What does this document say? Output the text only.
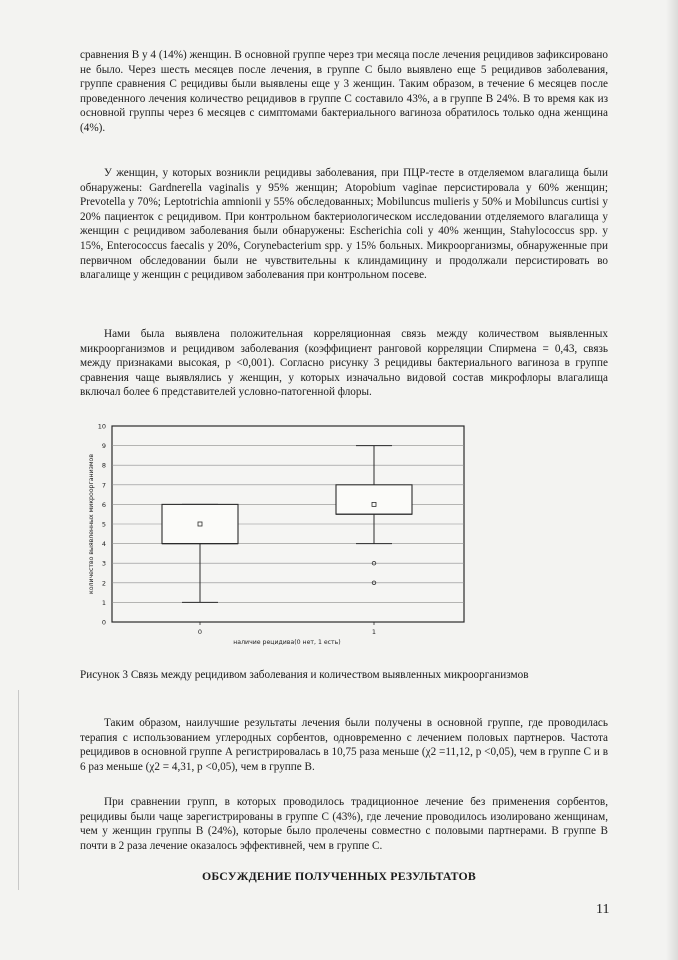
сравнения В у 4 (14%) женщин. В основной группе через три месяца после лечения рецидивов зафиксировано не было. Через шесть месяцев после лечения, в группе С было выявлено еще 5 рецидивов заболевания, группе сравнения С рецидивы были выявлены еще у 3 женщин. Таким образом, в течение 6 месяцев после проведенного лечения количество рецидивов в группе С составило 43%, а в группе В 24%. В то время как из основной группы через 6 месяцев с симптомами бактериального вагиноза обратилось только одна женщина (4%).

У женщин, у которых возникли рецидивы заболевания, при ПЦР-тесте в отделяемом влагалища были обнаружены: Gardnerella vaginalis у 95% женщин; Atopobium vaginae персистировала у 60% женщин; Prevotella у 70%; Leptotrichia amnionii у 55% обследованных; Mobiluncus mulieris у 50% и Mobiluncus curtisi у 20% пациенток с рецидивом. При контрольном бактериологическом исследовании отделяемого влагалища у женщин с рецидивом заболевания были обнаружены: Escherichia coli у 40% женщин, Stahylococcus spp. у 15%, Enterococcus faecalis у 20%, Corynebacterium spp. у 15% больных. Микроорганизмы, обнаруженные при первичном обследовании были не чувствительны к клиндамицину и продолжали персистировать во влагалище у женщин с рецидивом заболевания при контрольном посеве.

Нами была выявлена положительная корреляционная связь между количеством выявленных микроорганизмов и рецидивом заболевания (коэффициент ранговой корреляции Спирмена = 0,43, связь между признаками высокая, р <0,001). Согласно рисунку 3 рецидивы бактериального вагиноза в группе сравнения чаще выявлялись у женщин, у которых изначально видовой состав микрофлоры влагалища включал более 6 представителей условно-патогенной флоры.

0
1
2
3
4
5
6
7
8
9
10
количество выявленных микроорганизмов
0	1
наличие рецидива(0 нет, 1 есть)

Рисунок 3 Связь между рецидивом заболевания и количеством выявленных микроорганизмов

Таким образом, наилучшие результаты лечения были получены в основной группе, где проводилась терапия с использованием углеродных сорбентов, одновременно с лечением половых партнеров. Частота рецидивов в основной группе А регистрировалась в 10,75 раза меньше (χ2 =11,12, р <0,05), чем в группе С и в 6 раз меньше (χ2 = 4,31, р <0,05), чем в группе В.

При сравнении групп, в которых проводилось традиционное лечение без применения сорбентов, рецидивы были чаще зарегистрированы в группе С (43%), где лечение проводилось изолировано женщинам, чем у женщин группы В (24%), которые было пролечены совместно с половыми партнерами. В группе В почти в 2 раза лечение оказалось эффективней, чем в группе С.

ОБСУЖДЕНИЕ ПОЛУЧЕННЫХ РЕЗУЛЬТАТОВ

11
